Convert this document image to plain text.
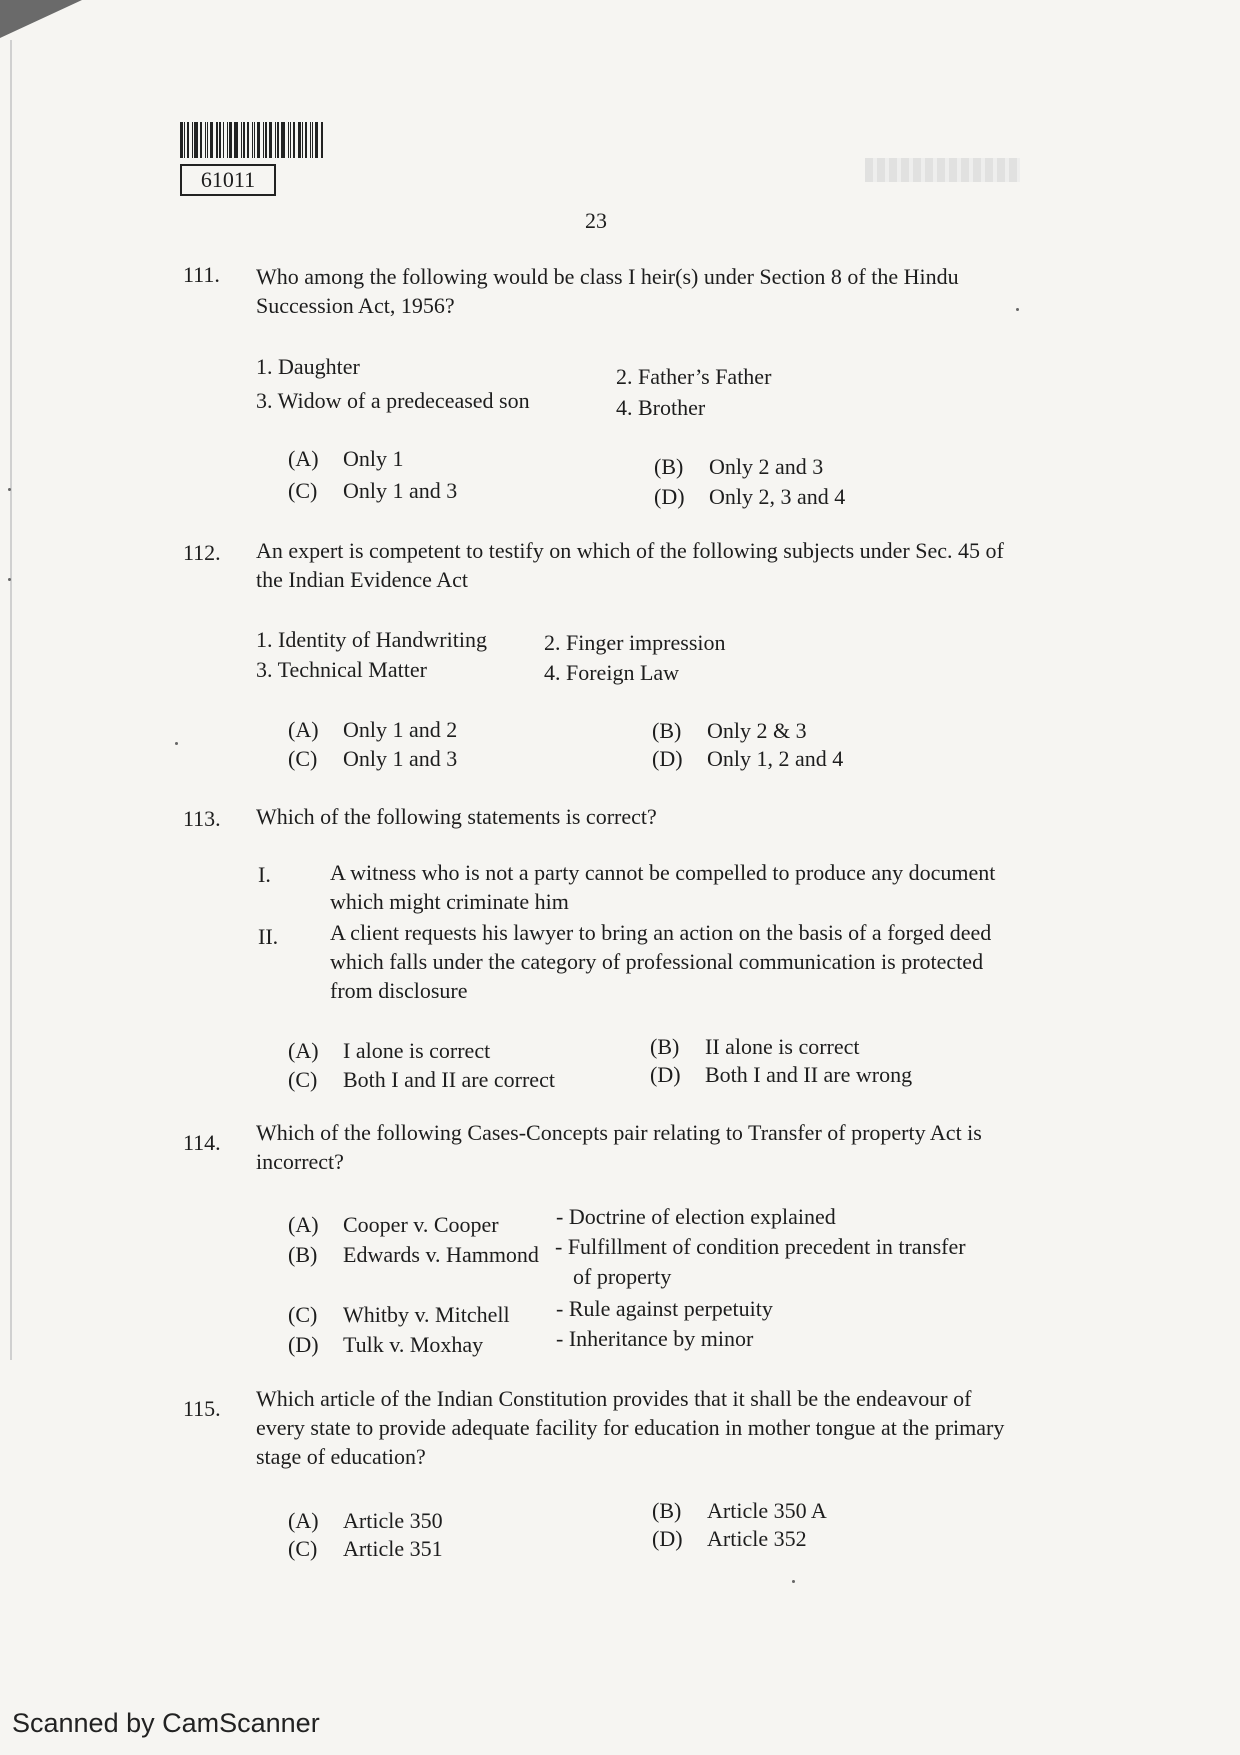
61011
23
111. Who among the following would be class I heir(s) under Section 8 of the Hindu Succession Act, 1956?
1. Daughter	2. Father’s Father
3. Widow of a predeceased son	4. Brother
(A) Only 1	(B) Only 2 and 3
(C) Only 1 and 3	(D) Only 2, 3 and 4
112. An expert is competent to testify on which of the following subjects under Sec. 45 of the Indian Evidence Act
1. Identity of Handwriting	2. Finger impression
3. Technical Matter	4. Foreign Law
(A) Only 1 and 2	(B) Only 2 & 3
(C) Only 1 and 3	(D) Only 1, 2 and 4
113. Which of the following statements is correct?
I.	A witness who is not a party cannot be compelled to produce any document which might criminate him
II. A client requests his lawyer to bring an action on the basis of a forged deed which falls under the category of professional communication is protected from disclosure
(A) I alone is correct	(B) II alone is correct
(C) Both I and II are correct	(D) Both I and II are wrong
114. Which of the following Cases-Concepts pair relating to Transfer of property Act is incorrect?
(A) Cooper v. Cooper	- Doctrine of election explained
(B) Edwards v. Hammond - Fulfillment of condition precedent in transfer
of property
(C) Whitby v. Mitchell - Rule against perpetuity
(D) Tulk v. Moxhay	- Inheritance by minor
115. Which article of the Indian Constitution provides that it shall be the endeavour of every state to provide adequate facility for education in mother tongue at the primary stage of education?
(A) Article 350	(B) Article 350 A
(C) Article 351	(D) Article 352
Scanned by CamScanner
